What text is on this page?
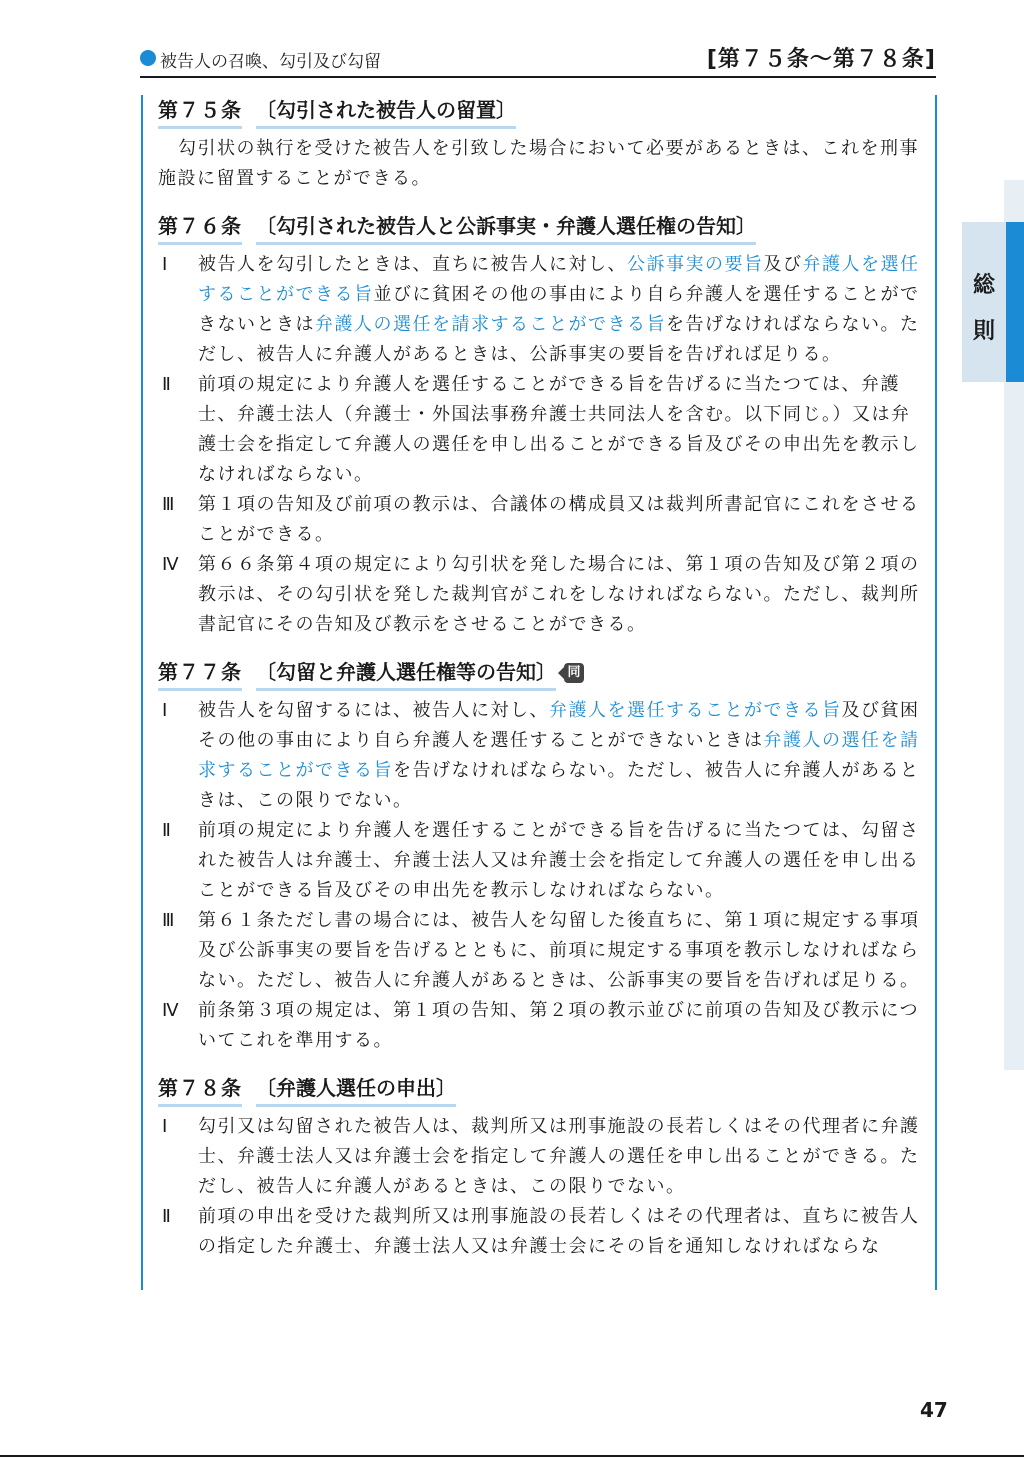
被告人の召喚、勾引及び勾留	[第７５条〜第７８条]
総
則
第７５条 〔勾引された被告人の留置〕
勾引状の執行を受けた被告人を引致した場合において必要があるときは、これを刑事施設に留置することができる。
第７６条 〔勾引された被告人と公訴事実・弁護人選任権の告知〕
Ⅰ	被告人を勾引したときは、直ちに被告人に対し、公訴事実の要旨及び弁護人を選任することができる旨並びに貧困その他の事由により自ら弁護人を選任することができないときは弁護人の選任を請求することができる旨を告げなければならない。ただし、被告人に弁護人があるときは、公訴事実の要旨を告げれば足りる。
Ⅱ	前項の規定により弁護人を選任することができる旨を告げるに当たつては、弁護士、弁護士法人（弁護士・外国法事務弁護士共同法人を含む。以下同じ。）又は弁護士会を指定して弁護人の選任を申し出ることができる旨及びその申出先を教示しなければならない。
Ⅲ	第１項の告知及び前項の教示は、合議体の構成員又は裁判所書記官にこれをさせることができる。
Ⅳ 第６６条第４項の規定により勾引状を発した場合には、第１項の告知及び第２項の教示は、その勾引状を発した裁判官がこれをしなければならない。ただし、裁判所書記官にその告知及び教示をさせることができる。
第７７条 〔勾留と弁護人選任権等の告知〕 同
Ⅰ	被告人を勾留するには、被告人に対し、弁護人を選任することができる旨及び貧困その他の事由により自ら弁護人を選任することができないときは弁護人の選任を請求することができる旨を告げなければならない。ただし、被告人に弁護人があるときは、この限りでない。
Ⅱ	前項の規定により弁護人を選任することができる旨を告げるに当たつては、勾留された被告人は弁護士、弁護士法人又は弁護士会を指定して弁護人の選任を申し出ることができる旨及びその申出先を教示しなければならない。
Ⅲ	第６１条ただし書の場合には、被告人を勾留した後直ちに、第１項に規定する事項及び公訴事実の要旨を告げるとともに、前項に規定する事項を教示しなければならない。ただし、被告人に弁護人があるときは、公訴事実の要旨を告げれば足りる。
Ⅳ 前条第３項の規定は、第１項の告知、第２項の教示並びに前項の告知及び教示についてこれを準用する。
第７８条 〔弁護人選任の申出〕
Ⅰ	勾引又は勾留された被告人は、裁判所又は刑事施設の長若しくはその代理者に弁護士、弁護士法人又は弁護士会を指定して弁護人の選任を申し出ることができる。ただし、被告人に弁護人があるときは、この限りでない。
Ⅱ	前項の申出を受けた裁判所又は刑事施設の長若しくはその代理者は、直ちに被告人の指定した弁護士、弁護士法人又は弁護士会にその旨を通知しなければならな
47
